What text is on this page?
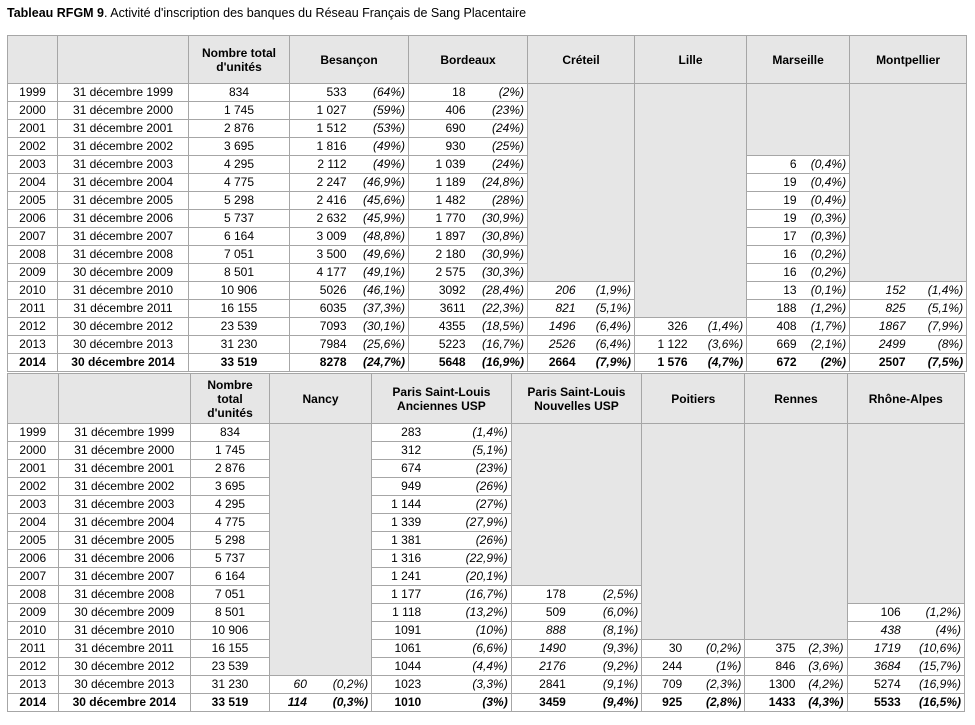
Tableau RFGM 9. Activité d'inscription des banques du Réseau Français de Sang Placentaire
		Nombre total d'unités	Besançon		Bordeaux		Créteil		Lille		Marseille		Montpellier	
1999	31 décembre 1999	834	533	(64%)	18	(2%)								
2000	31 décembre 2000	1 745	1 027	(59%)	406	(23%)								
2001	31 décembre 2001	2 876	1 512	(53%)	690	(24%)								
2002	31 décembre 2002	3 695	1 816	(49%)	930	(25%)								
2003	31 décembre 2003	4 295	2 112	(49%)	1 039	(24%)					6	(0,4%)		
2004	31 décembre 2004	4 775	2 247	(46,9%)	1 189	(24,8%)					19	(0,4%)		
2005	31 décembre 2005	5 298	2 416	(45,6%)	1 482	(28%)					19	(0,4%)		
2006	31 décembre 2006	5 737	2 632	(45,9%)	1 770	(30,9%)					19	(0,3%)		
2007	31 décembre 2007	6 164	3 009	(48,8%)	1 897	(30,8%)					17	(0,3%)		
2008	31 décembre 2008	7 051	3 500	(49,6%)	2 180	(30,9%)					16	(0,2%)		
2009	30 décembre 2009	8 501	4 177	(49,1%)	2 575	(30,3%)					16	(0,2%)		
2010	31 décembre 2010	10 906	5026	(46,1%)	3092	(28,4%)	206	(1,9%)			13	(0,1%)	152	(1,4%)
2011	31 décembre 2011	16 155	6035	(37,3%)	3611	(22,3%)	821	(5,1%)			188	(1,2%)	825	(5,1%)
2012	30 décembre 2012	23 539	7093	(30,1%)	4355	(18,5%)	1496	(6,4%)	326	(1,4%)	408	(1,7%)	1867	(7,9%)
2013	30 décembre 2013	31 230	7984	(25,6%)	5223	(16,7%)	2526	(6,4%)	1 122	(3,6%)	669	(2,1%)	2499	(8%)
2014	30 décembre 2014	33 519	8278	(24,7%)	5648	(16,9%)	2664	(7,9%)	1 576	(4,7%)	672	(2%)	2507	(7,5%)
		Nombre total d'unités	Nancy		Paris Saint-Louis Anciennes USP		Paris Saint-Louis Nouvelles USP		Poitiers		Rennes		Rhône-Alpes	
1999	31 décembre 1999	834			283	(1,4%)								
2000	31 décembre 2000	1 745			312	(5,1%)								
2001	31 décembre 2001	2 876			674	(23%)								
2002	31 décembre 2002	3 695			949	(26%)								
2003	31 décembre 2003	4 295			1 144	(27%)								
2004	31 décembre 2004	4 775			1 339	(27,9%)								
2005	31 décembre 2005	5 298			1 381	(26%)								
2006	31 décembre 2006	5 737			1 316	(22,9%)								
2007	31 décembre 2007	6 164			1 241	(20,1%)								
2008	31 décembre 2008	7 051			1 177	(16,7%)	178	(2,5%)						
2009	30 décembre 2009	8 501			1 118	(13,2%)	509	(6,0%)					106	(1,2%)
2010	31 décembre 2010	10 906			1091	(10%)	888	(8,1%)					438	(4%)
2011	31 décembre 2011	16 155			1061	(6,6%)	1490	(9,3%)	30	(0,2%)	375	(2,3%)	1719	(10,6%)
2012	30 décembre 2012	23 539			1044	(4,4%)	2176	(9,2%)	244	(1%)	846	(3,6%)	3684	(15,7%)
2013	30 décembre 2013	31 230	60	(0,2%)	1023	(3,3%)	2841	(9,1%)	709	(2,3%)	1300	(4,2%)	5274	(16,9%)
2014	30 décembre 2014	33 519	114	(0,3%)	1010	(3%)	3459	(9,4%)	925	(2,8%)	1433	(4,3%)	5533	(16,5%)
